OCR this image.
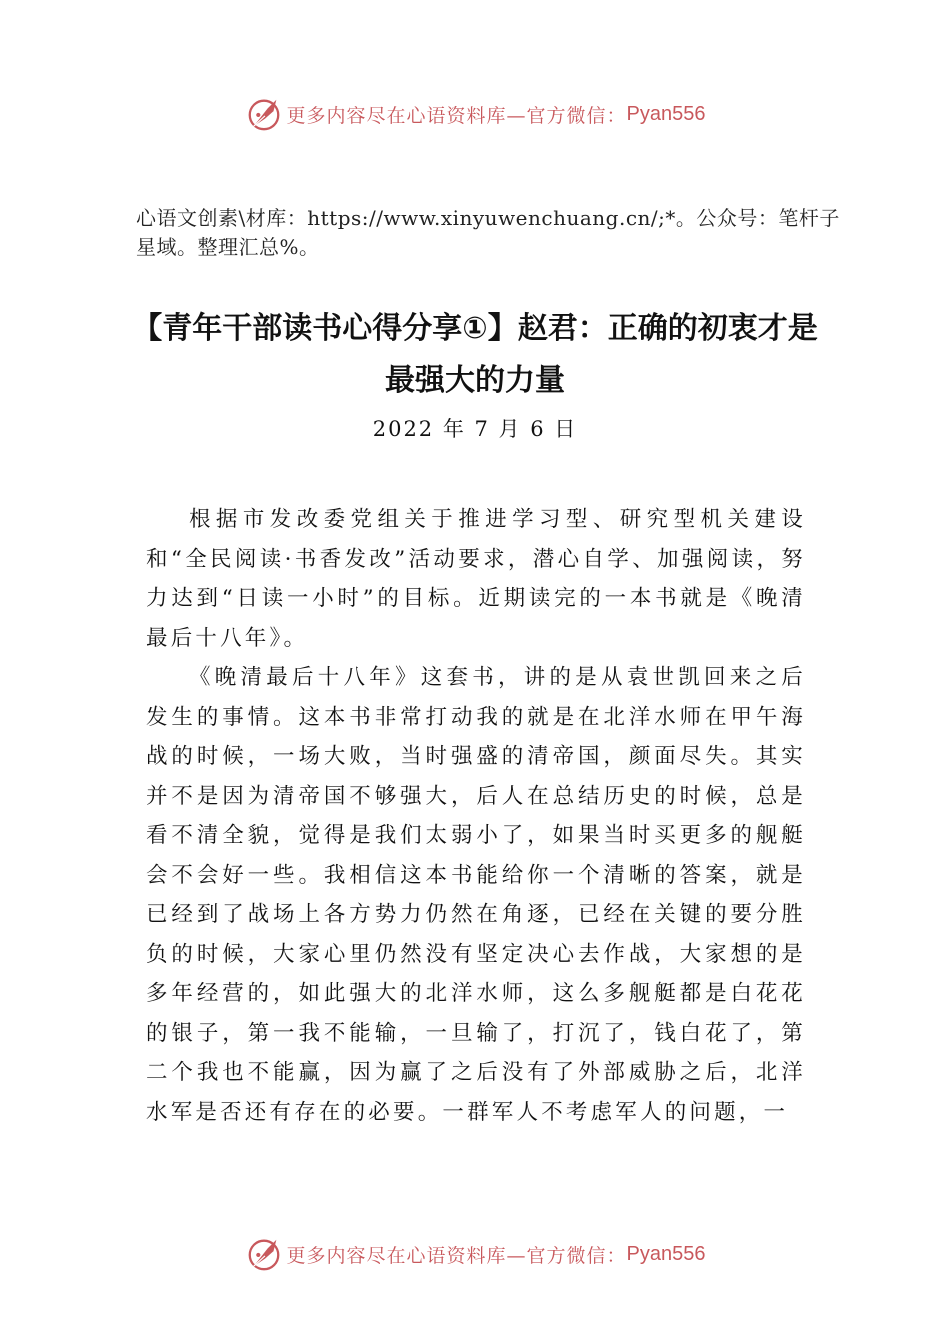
更多内容尽在心语资料库—官方微信： Pyan556
心语文创素\材库：https://www.xinyuwenchuang.cn/;*。公众号：笔杆子星域。整理汇总%。
【青年干部读书心得分享①】赵君：正确的初衷才是最强大的力量
2022 年 7 月 6 日

根据市发改委党组关于推进学习型、研究型机关建设和“全民阅读·书香发改”活动要求，潜心自学、加强阅读，努力达到“日读一小时”的目标。近期读完的一本书就是《晚清最后十八年》。

《晚清最后十八年》这套书，讲的是从袁世凯回来之后发生的事情。这本书非常打动我的就是在北洋水师在甲午海战的时候，一场大败，当时强盛的清帝国，颜面尽失。其实并不是因为清帝国不够强大，后人在总结历史的时候，总是看不清全貌，觉得是我们太弱小了，如果当时买更多的舰艇会不会好一些。我相信这本书能给你一个清晰的答案，就是已经到了战场上各方势力仍然在角逐，已经在关键的要分胜负的时候，大家心里仍然没有坚定决心去作战，大家想的是多年经营的，如此强大的北洋水师，这么多舰艇都是白花花的银子，第一我不能输，一旦输了，打沉了，钱白花了，第二个我也不能赢，因为赢了之后没有了外部威胁之后，北洋水军是否还有存在的必要。一群军人不考虑军人的问题，一

更多内容尽在心语资料库—官方微信： Pyan556
